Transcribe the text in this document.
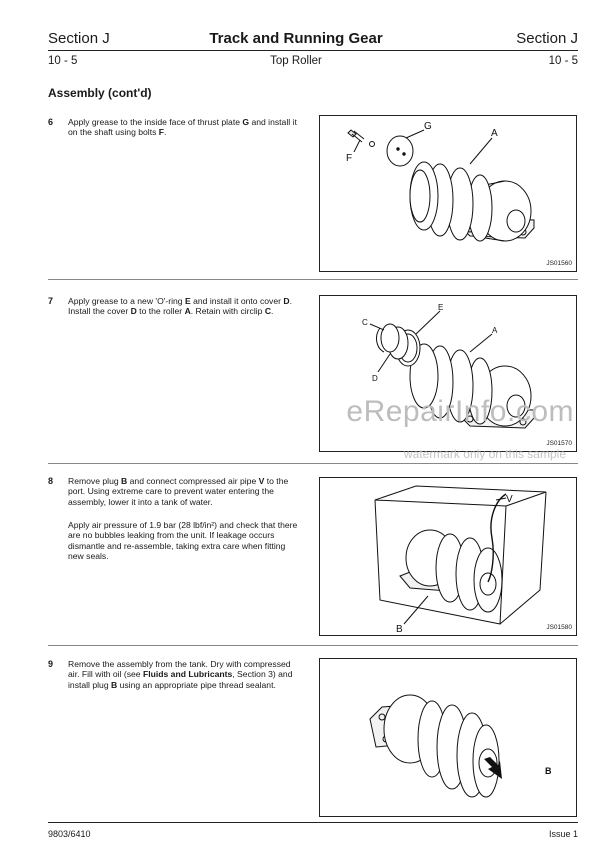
Section J	Track and Running Gear	Section J
10 - 5	Top Roller	10 - 5
Assembly (cont'd)
6 Apply grease to the inside face of thrust plate G and install it on the shaft using bolts F.
G
A
F
JS01560
7 Apply grease to a new 'O'-ring E and install it onto cover D. Install the cover D to the roller A. Retain with circlip C.	E
C
A
D
JS01570
8 Remove plug B and connect compressed air pipe V to the port. Using extreme care to prevent water entering the assembly, lower it into a tank of water.
Apply air pressure of 1.9 bar (28 lbf/in²) and check that there are no bubbles leaking from the unit. If leakage occurs dismantle and re-assemble, taking extra care when fitting new seals.
V
B	JS01580
9 Remove the assembly from the tank. Dry with compressed air. Fill with oil (see Fluids and Lubricants, Section 3) and install plug B using an appropriate pipe thread sealant.
B
eRepairInfo.com
watermark only on this sample
9803/6410	Issue 1
